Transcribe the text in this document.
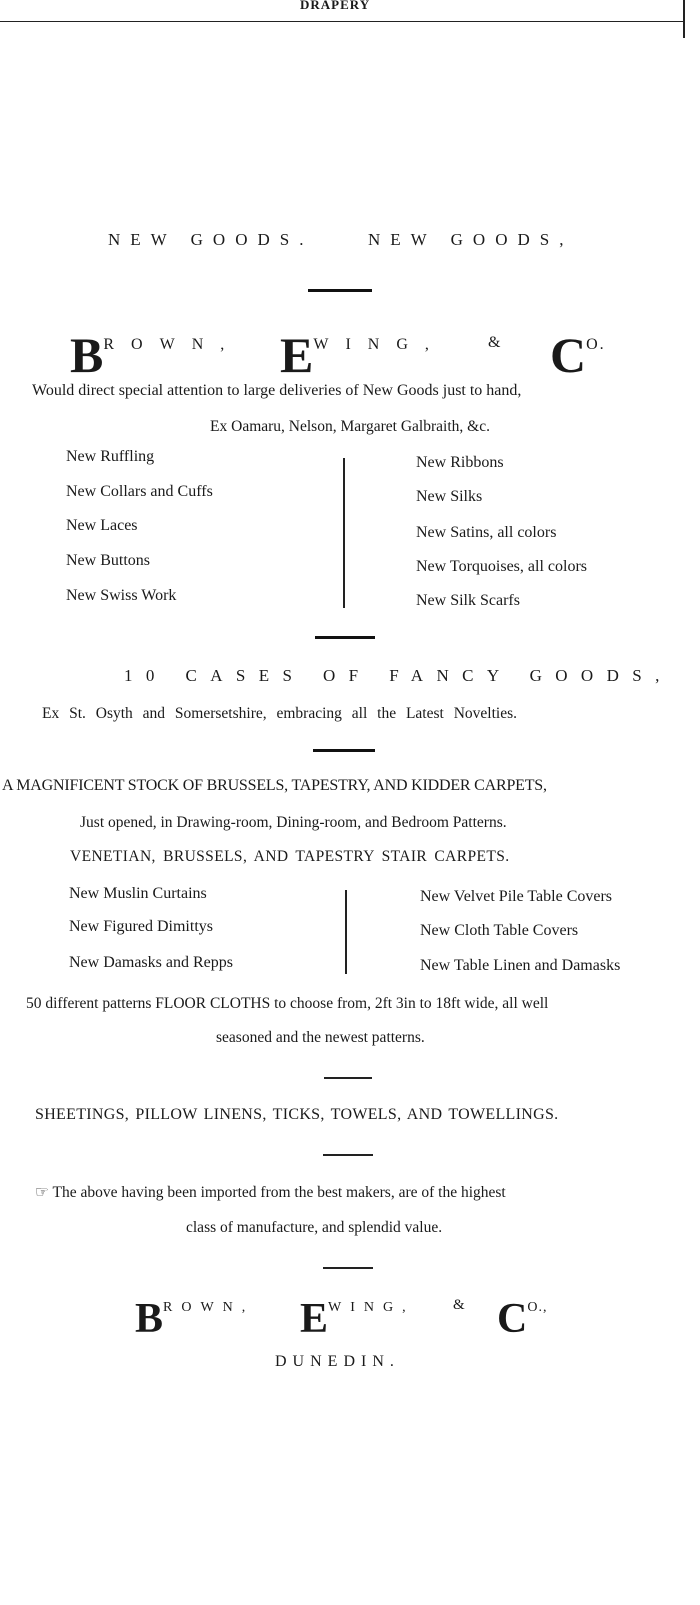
DRAPERY
NEW GOODS.	NEW GOODS,
BROWN, EWING,	& CO.
Would direct special attention to large deliveries of New Goods just to hand,
Ex Oamaru, Nelson, Margaret Galbraith, &c.
New Ruffling
New Collars and Cuffs
New Laces
New Buttons
New Swiss Work
New Ribbons
New Silks
New Satins, all colors
New Torquoises, all colors
New Silk Scarfs
10 CASES OF FANCY GOODS,
Ex St. Osyth and Somersetshire, embracing all the Latest Novelties.
A MAGNIFICENT STOCK OF BRUSSELS, TAPESTRY, AND KIDDER CARPETS,
Just opened, in Drawing-room, Dining-room, and Bedroom Patterns.
VENETIAN, BRUSSELS, AND TAPESTRY STAIR CARPETS.
New Muslin Curtains
New Figured Dimittys
New Damasks and Repps
New Velvet Pile Table Covers
New Cloth Table Covers
New Table Linen and Damasks
50 different patterns FLOOR CLOTHS to choose from, 2ft 3in to 18ft wide, all well
seasoned and the newest patterns.
SHEETINGS, PILLOW LINENS, TICKS, TOWELS, AND TOWELLINGS.
☞ The above having been imported from the best makers, are of the highest
class of manufacture, and splendid value.
BROWN, EWING,	& CO.,
DUNEDIN.
